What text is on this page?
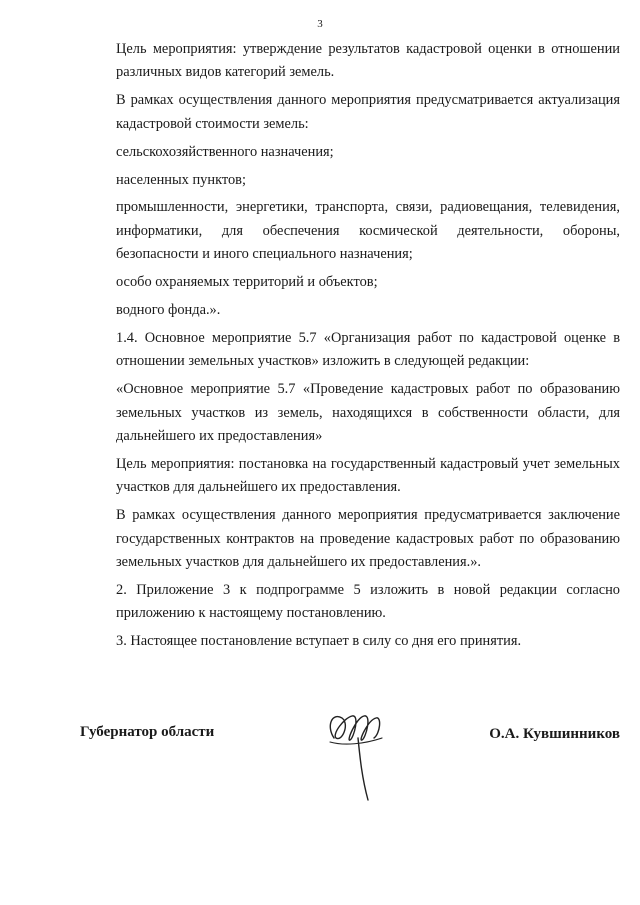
3

Цель мероприятия: утверждение результатов кадастровой оценки в отношении различных видов категорий земель.

В рамках осуществления данного мероприятия предусматривается актуализация кадастровой стоимости земель:

сельскохозяйственного назначения;

населенных пунктов;

промышленности, энергетики, транспорта, связи, радиовещания, телевидения, информатики, для обеспечения космической деятельности, обороны, безопасности и иного специального назначения;

особо охраняемых территорий и объектов;

водного фонда.».

1.4. Основное мероприятие 5.7 «Организация работ по кадастровой оценке в отношении земельных участков» изложить в следующей редакции:

«Основное мероприятие 5.7 «Проведение кадастровых работ по образованию земельных участков из земель, находящихся в собственности области, для дальнейшего их предоставления»

Цель мероприятия: постановка на государственный кадастровый учет земельных участков для дальнейшего их предоставления.

В рамках осуществления данного мероприятия предусматривается заключение государственных контрактов на проведение кадастровых работ по образованию земельных участков для дальнейшего их предоставления.».

2. Приложение 3 к подпрограмме 5 изложить в новой редакции согласно приложению к настоящему постановлению.

3. Настоящее постановление вступает в силу со дня его принятия.

Губернатор области	О.А. Кувшинников
